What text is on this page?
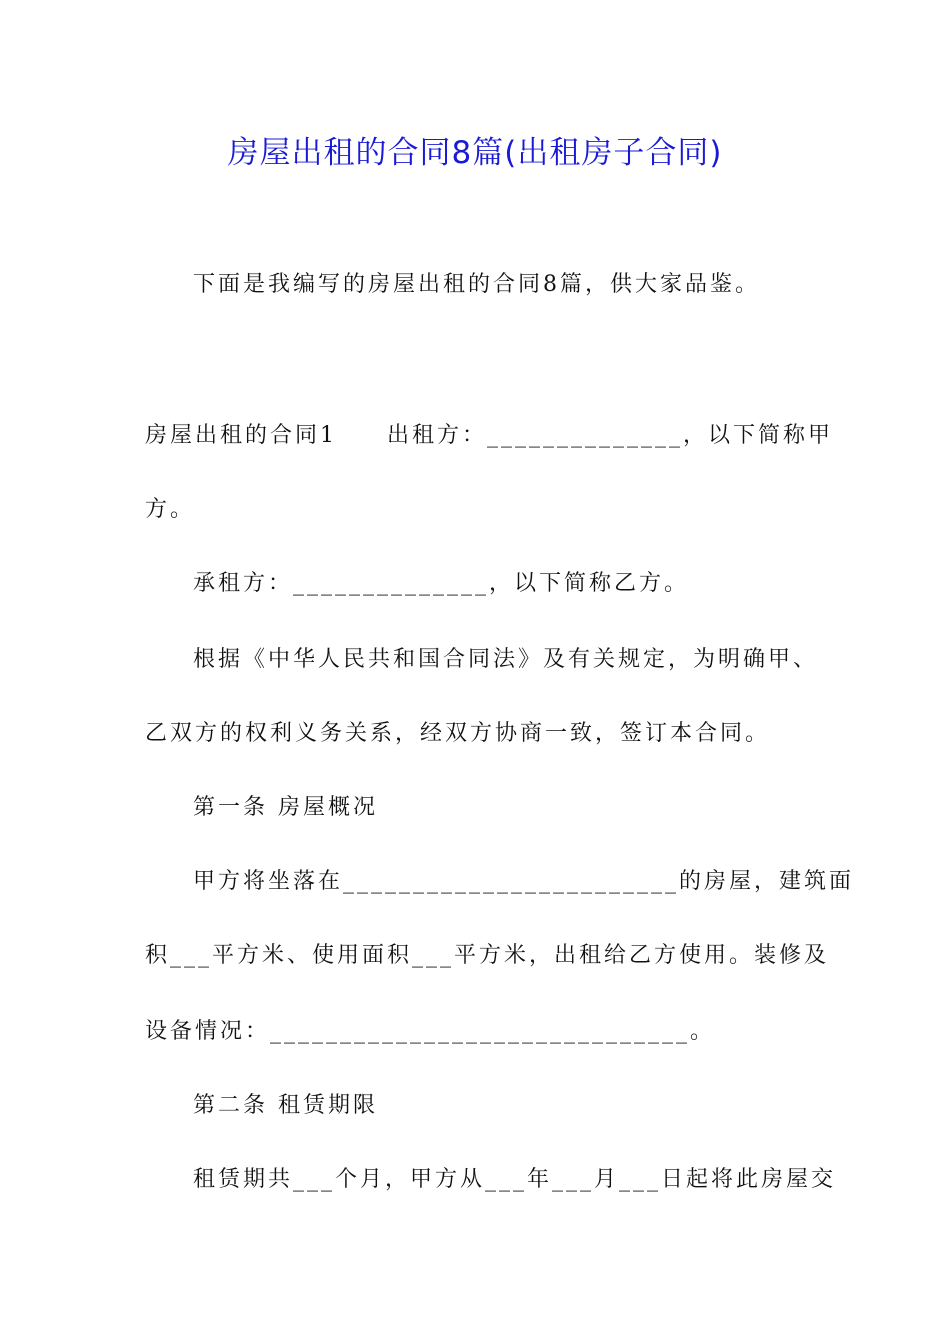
房屋出租的合同8篇(出租房子合同)
下面是我编写的房屋出租的合同8篇，供大家品鉴。
房屋出租的合同1　　出租方：______________，以下简称甲
方。
承租方：______________，以下简称乙方。
根据《中华人民共和国合同法》及有关规定，为明确甲、
乙双方的权利义务关系，经双方协商一致，签订本合同。
第一条 房屋概况
甲方将坐落在________________________的房屋，建筑面
积___平方米、使用面积___平方米，出租给乙方使用。装修及
设备情况：______________________________。
第二条 租赁期限
租赁期共___个月，甲方从___年___月___日起将此房屋交
